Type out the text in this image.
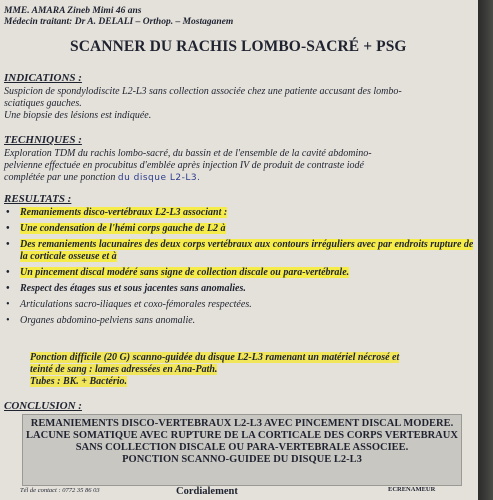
MME. AMARA Zineb Mimi 46 ans
Médecin traitant: Dr A. DELALI – Orthop. – Mostaganem
SCANNER DU RACHIS LOMBO-SACRÉ + PSG
INDICATIONS :
Suspicion de spondylodiscite L2-L3 sans collection associée chez une patiente accusant des lombo-
sciatiques gauches.
Une biopsie des lésions est indiquée.
TECHNIQUES :
Exploration TDM du rachis lombo-sacré, du bassin et de l'ensemble de la cavité abdomino-
pelvienne effectuée en procubitus d'emblée après injection IV de produit de contraste iodé
complétée par une ponction du disque L2-L3.
RESULTATS :
• Remaniements disco-vertébraux L2-L3 associant :
• Une condensation de l'hémi corps gauche de L2 à
• Des remaniements lacunaires des deux corps vertébraux aux contours irréguliers avec par endroits rupture de la corticale osseuse et à
• Un pincement discal modéré sans signe de collection discale ou para-vertébrale.
• Respect des étages sus et sous jacentes sans anomalies.
• Articulations sacro-iliaques et coxo-fémorales respectées.
• Organes abdomino-pelviens sans anomalie.
Ponction difficile (20 G) scanno-guidée du disque L2-L3 ramenant un matériel nécrosé et
teinté de sang : lames adressées en Ana-Path.
Tubes : BK. + Bactério.
CONCLUSION :
REMANIEMENTS DISCO-VERTEBRAUX L2-L3 AVEC PINCEMENT DISCAL MODERE.
LACUNE SOMATIQUE AVEC RUPTURE DE LA CORTICALE DES CORPS VERTEBRAUX
SANS COLLECTION DISCALE OU PARA-VERTEBRALE ASSOCIEE.
PONCTION SCANNO-GUIDEE DU DISQUE L2-L3
Tél de contact : 0772 35 86 03	Cordialement	ECRENAMEUR
